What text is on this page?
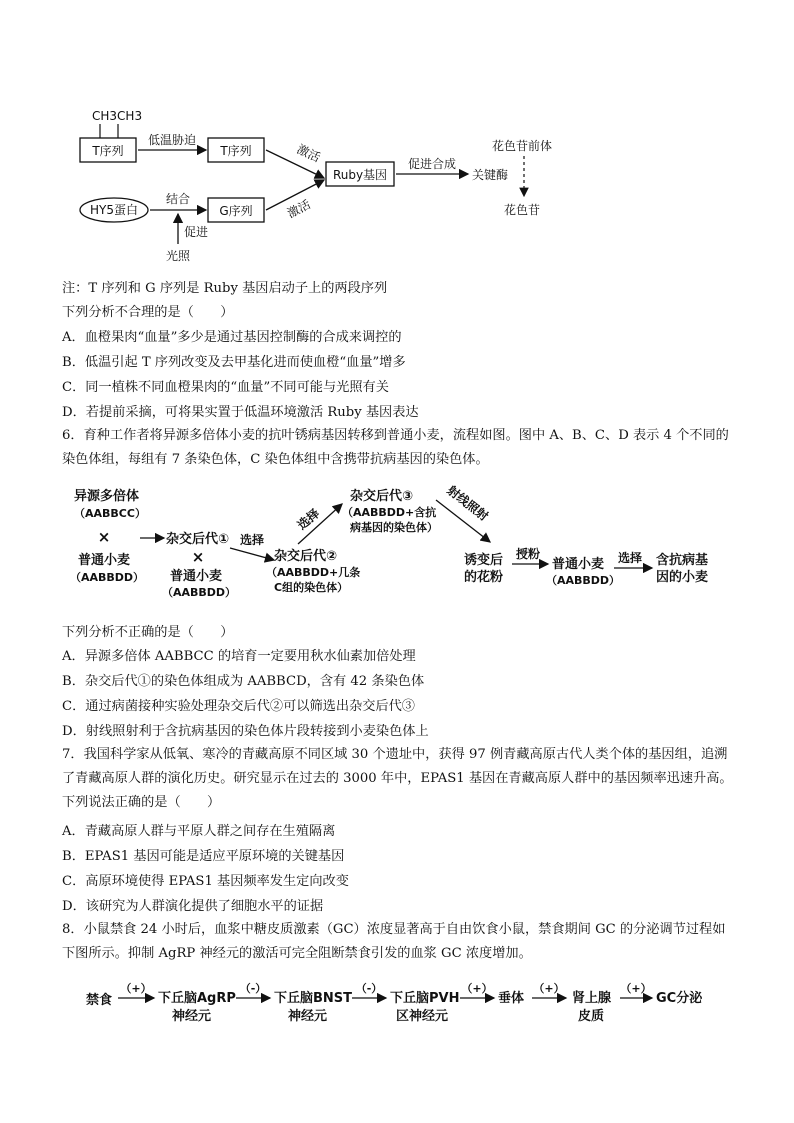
CH3CH3
T序列
低温胁迫
T序列	激活
Ruby基因
促进合成
关键酶
花色苷前体
花色苷
HY5蛋白
结合
G序列	激活
促进
光照
注：T 序列和 G 序列是 Ruby 基因启动子上的两段序列
下列分析不合理的是（　　）
A．血橙果肉“血量”多少是通过基因控制酶的合成来调控的
B．低温引起 T 序列改变及去甲基化进而使血橙“血量”增多
C．同一植株不同血橙果肉的“血量”不同可能与光照有关
D．若提前采摘，可将果实置于低温环境激活 Ruby 基因表达
6．育种工作者将异源多倍体小麦的抗叶锈病基因转移到普通小麦，流程如图。图中 A、B、C、D 表示 4 个不同的染色体组，每组有 7 条染色体，C 染色体组中含携带抗病基因的染色体。
异源多倍体
（AABBCC）
×
普通小麦
（AABBDD）
杂交后代①
×
普通小麦
（AABBDD）
选择
杂交后代②
（AABBDD+几条
C组的染色体）
选择
杂交后代③
（AABBDD+含抗
病基因的染色体）
射线照射
诱变后
的花粉
授粉
普通小麦
（AABBDD）
选择 含抗病基
因的小麦
下列分析不正确的是（　　）
A．异源多倍体 AABBCC 的培育一定要用秋水仙素加倍处理
B．杂交后代①的染色体组成为 AABBCD，含有 42 条染色体
C．通过病菌接种实验处理杂交后代②可以筛选出杂交后代③
D．射线照射利于含抗病基因的染色体片段转接到小麦染色体上
7．我国科学家从低氧、寒冷的青藏高原不同区域 30 个遗址中，获得 97 例青藏高原古代人类个体的基因组，追溯了青藏高原人群的演化历史。研究显示在过去的 3000 年中，EPAS1 基因在青藏高原人群中的基因频率迅速升高。下列说法正确的是（　　）
A．青藏高原人群与平原人群之间存在生殖隔离
B．EPAS1 基因可能是适应平原环境的关键基因
C．高原环境使得 EPAS1 基因频率发生定向改变
D．该研究为人群演化提供了细胞水平的证据
8．小鼠禁食 24 小时后，血浆中糖皮质激素（GC）浓度显著高于自由饮食小鼠，禁食期间 GC 的分泌调节过程如下图所示。抑制 AgRP 神经元的激活可完全阻断禁食引发的血浆 GC 浓度增加。
禁食
（+）
下丘脑AgRP
神经元
（-）
下丘脑BNST
神经元
（-）
下丘脑PVH
区神经元
（+）
垂体
（+）
肾上腺
皮质
（+）
GC分泌
